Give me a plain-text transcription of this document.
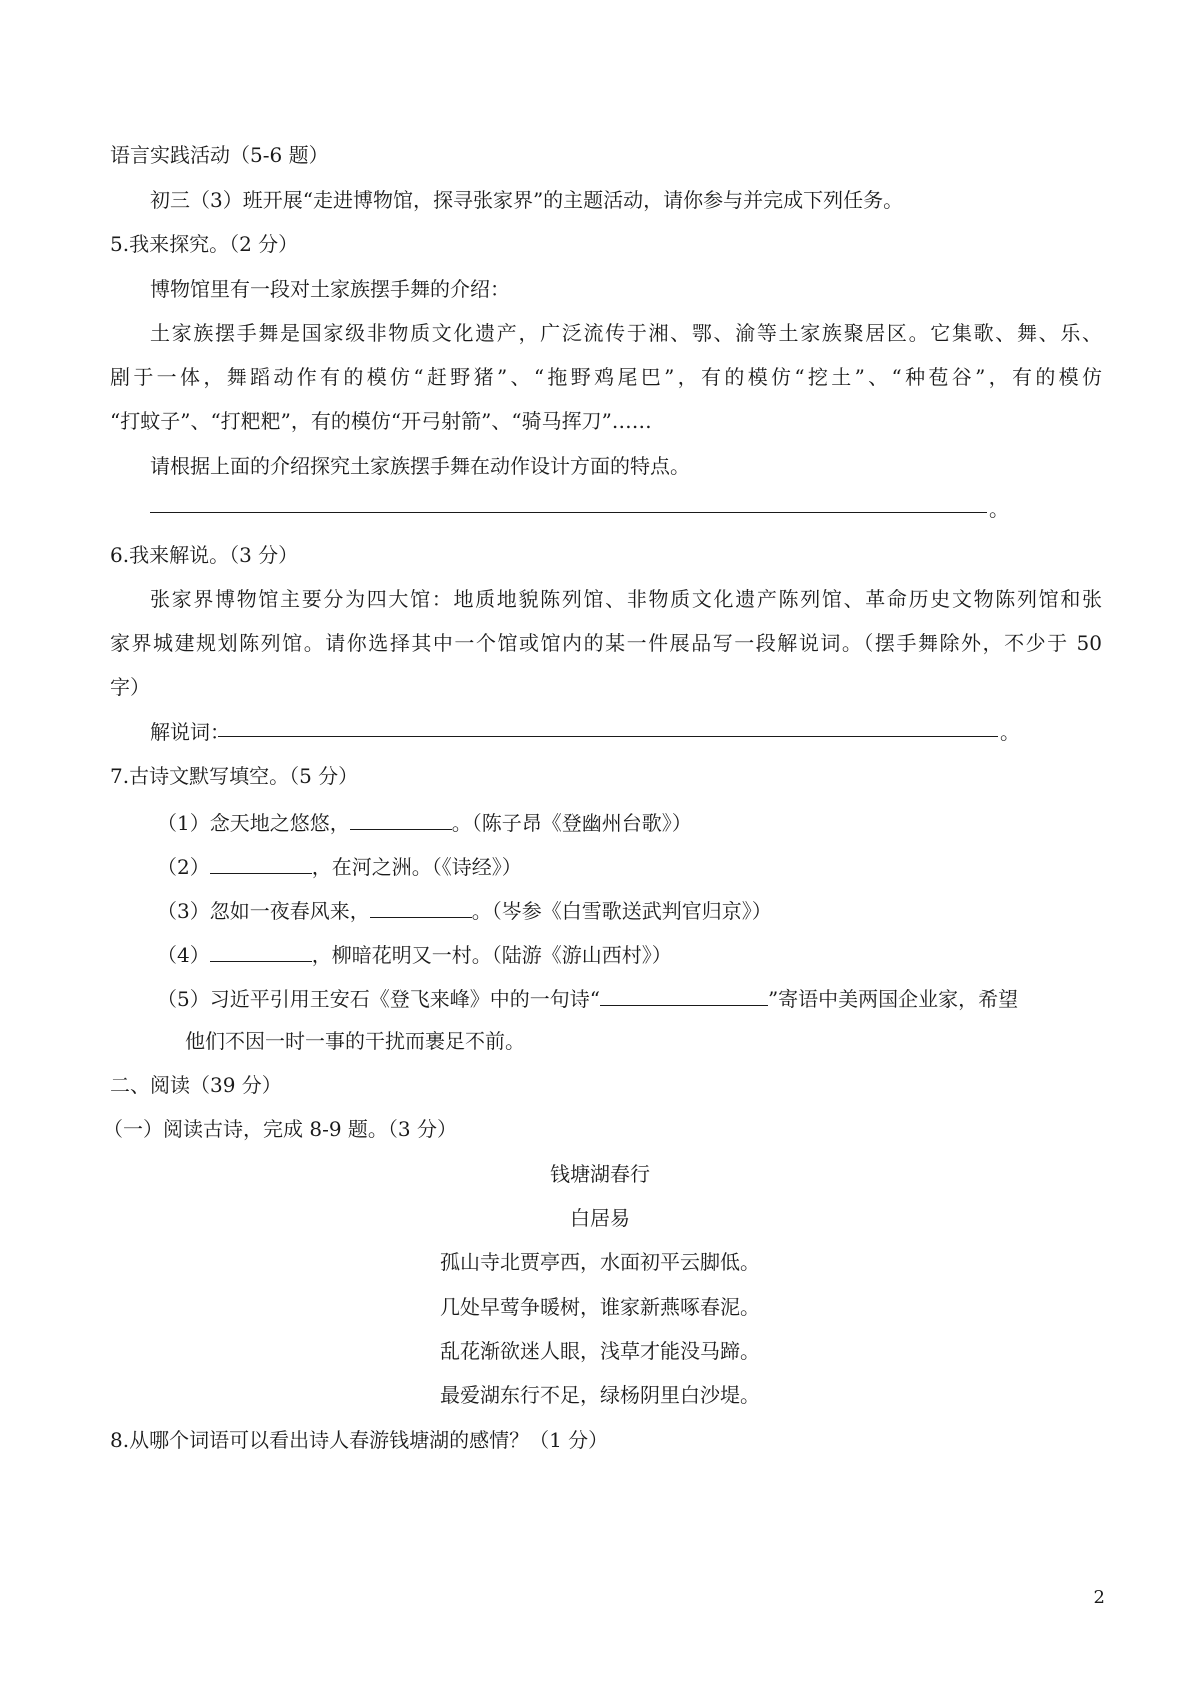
语言实践活动（5-6 题）

初三（3）班开展“走进博物馆，探寻张家界”的主题活动，请你参与并完成下列任务。

5.我来探究。（2 分）

博物馆里有一段对土家族摆手舞的介绍：

土家族摆手舞是国家级非物质文化遗产，广泛流传于湘、鄂、渝等土家族聚居区。它集歌、舞、乐、

剧于一体，舞蹈动作有的模仿“赶野猪”、“拖野鸡尾巴”，有的模仿“挖土”、“种苞谷”，有的模仿

“打蚊子”、“打粑粑”，有的模仿“开弓射箭”、“骑马挥刀”……

请根据上面的介绍探究土家族摆手舞在动作设计方面的特点。

。

6.我来解说。（3 分）

张家界博物馆主要分为四大馆：地质地貌陈列馆、非物质文化遗产陈列馆、革命历史文物陈列馆和张

家界城建规划陈列馆。请你选择其中一个馆或馆内的某一件展品写一段解说词。（摆手舞除外，不少于 50

字）

解说词：	。

7.古诗文默写填空。（5 分）

（1）念天地之悠悠，	。（陈子昂《登幽州台歌》）

（2）	，在河之洲。（《诗经》）

（3）忽如一夜春风来，	。（岑参《白雪歌送武判官归京》）

（4）	，柳暗花明又一村。（陆游《游山西村》）

（5）习近平引用王安石《登飞来峰》中的一句诗“	”寄语中美两国企业家，希望

他们不因一时一事的干扰而裹足不前。

二、阅读（39 分）

（一）阅读古诗，完成 8-9 题。（3 分）

钱塘湖春行

白居易

孤山寺北贾亭西，水面初平云脚低。

几处早莺争暖树，谁家新燕啄春泥。

乱花渐欲迷人眼，浅草才能没马蹄。

最爱湖东行不足，绿杨阴里白沙堤。

8.从哪个词语可以看出诗人春游钱塘湖的感情？（1 分）

2
